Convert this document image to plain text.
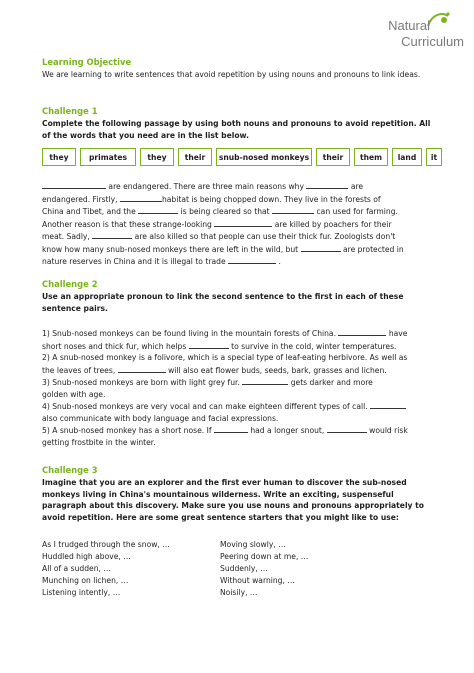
Natural
Curriculum
Learning Objective
We are learning to write sentences that avoid repetition by using nouns and pronouns to link ideas.
Challenge 1
Complete the following passage by using both nouns and pronouns to avoid repetition. All of the words that you need are in the list below.
they	primates	they	their	snub-nosed monkeys	their	them	land	it
are endangered. There are three main reasons why	are
endangered. Firstly,	habitat is being chopped down. They live in the forests of
China and Tibet, and the	is being cleared so that	can used for farming.
Another reason is that these strange-looking	are killed by poachers for their
meat. Sadly,	are also killed so that people can use their thick fur. Zoologists don't
know how many snub-nosed monkeys there are left in the wild, but	are protected in
nature reserves in China and it is illegal to trade	.
Challenge 2
Use an appropriate pronoun to link the second sentence to the first in each of these sentence pairs.
1) Snub-nosed monkeys can be found living in the mountain forests of China.	have
short noses and thick fur, which helps	to survive in the cold, winter temperatures.
2) A snub-nosed monkey is a folivore, which is a special type of leaf-eating herbivore. As well as
the leaves of trees,	will also eat flower buds, seeds, bark, grasses and lichen.
3) Snub-nosed monkeys are born with light grey fur.	gets darker and more
golden with age.
4) Snub-nosed monkeys are very vocal and can make eighteen different types of call.
also communicate with body language and facial expressions.
5) A snub-nosed monkey has a short nose. If	had a longer snout,	would risk
getting frostbite in the winter.
Challenge 3
Imagine that you are an explorer and the first ever human to discover the sub-nosed monkeys living in China's mountainous wilderness. Write an exciting, suspenseful paragraph about this discovery. Make sure you use nouns and pronouns appropriately to avoid repetition. Here are some great sentence starters that you might like to use:
As I trudged through the snow, …
Huddled high above, …
All of a sudden, …
Munching on lichen, …
Listening intently, …
Moving slowly, …
Peering down at me, …
Suddenly, …
Without warning, …
Noisily, …
